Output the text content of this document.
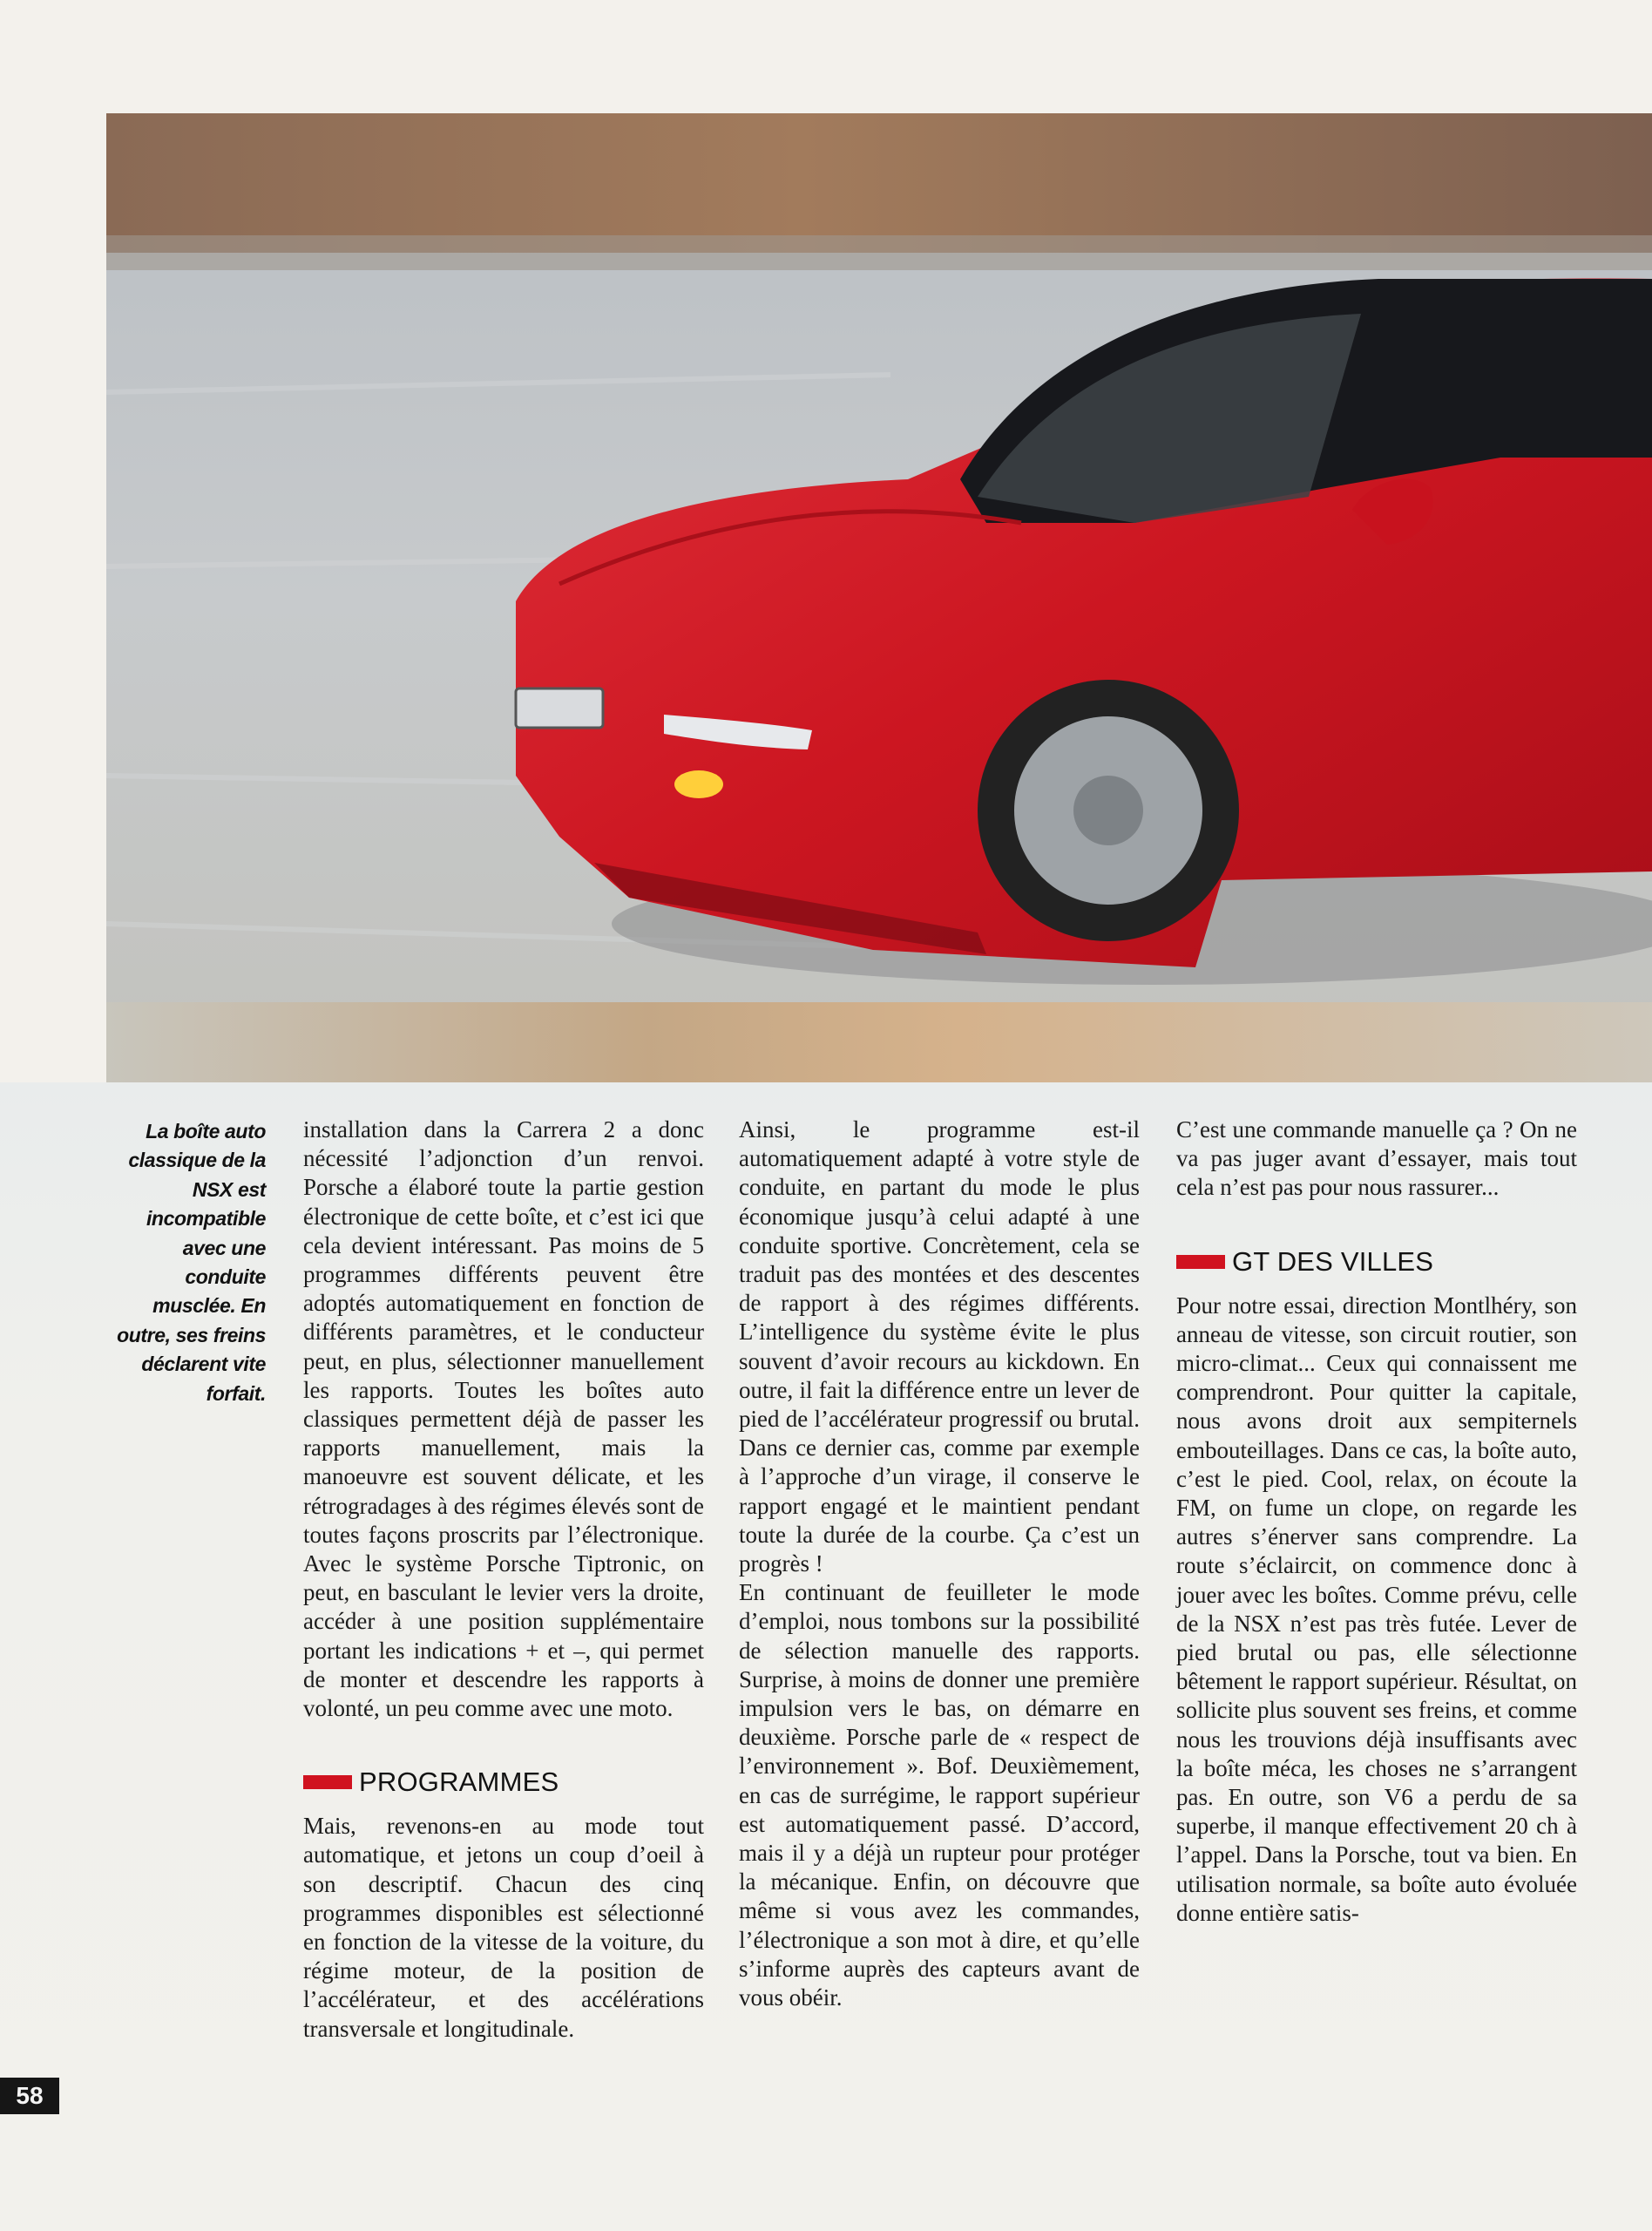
La boîte auto classique de la NSX est incompatible avec une conduite musclée. En outre, ses freins déclarent vite forfait.

installation dans la Carrera 2 a donc nécessité l’adjonction d’un renvoi. Porsche a élaboré toute la partie gestion électronique de cette boîte, et c’est ici que cela devient intéressant. Pas moins de 5 programmes différents peuvent être adoptés automatiquement en fonction de différents paramètres, et le conducteur peut, en plus, sélectionner manuellement les rapports. Toutes les boîtes auto classiques permettent déjà de passer les rapports manuellement, mais la manoeuvre est souvent délicate, et les rétrogradages à des régimes élevés sont de toutes façons proscrits par l’électronique. Avec le système Porsche Tiptronic, on peut, en basculant le levier vers la droite, accéder à une position supplémentaire portant les indications + et –, qui permet de monter et descendre les rapports à volonté, un peu comme avec une moto.

PROGRAMMES

Mais, revenons-en au mode tout automatique, et jetons un coup d’oeil à son descriptif. Chacun des cinq programmes disponibles est sélectionné en fonction de la vitesse de la voiture, du régime moteur, de la position de l’accélérateur, et des accélérations transversale et longitudinale.

Ainsi, le programme est-il automatiquement adapté à votre style de conduite, en partant du mode le plus économique jusqu’à celui adapté à une conduite sportive. Concrètement, cela se traduit pas des montées et des descentes de rapport à des régimes différents. L’intelligence du système évite le plus souvent d’avoir recours au kickdown. En outre, il fait la différence entre un lever de pied de l’accélérateur progressif ou brutal. Dans ce dernier cas, comme par exemple à l’approche d’un virage, il conserve le rapport engagé et le maintient pendant toute la durée de la courbe. Ça c’est un progrès !

En continuant de feuilleter le mode d’emploi, nous tombons sur la possibilité de sélection manuelle des rapports. Surprise, à moins de donner une première impulsion vers le bas, on démarre en deuxième. Porsche parle de « respect de l’environnement ». Bof. Deuxièmement, en cas de surrégime, le rapport supérieur est automatiquement passé. D’accord, mais il y a déjà un rupteur pour protéger la mécanique. Enfin, on découvre que même si vous avez les commandes, l’électronique a son mot à dire, et qu’elle s’informe auprès des capteurs avant de vous obéir.

C’est une commande manuelle ça ? On ne va pas juger avant d’essayer, mais tout cela n’est pas pour nous rassurer...

GT DES VILLES

Pour notre essai, direction Montlhéry, son anneau de vitesse, son circuit routier, son micro-climat... Ceux qui connaissent me comprendront. Pour quitter la capitale, nous avons droit aux sempiternels embouteillages. Dans ce cas, la boîte auto, c’est le pied. Cool, relax, on écoute la FM, on fume un clope, on regarde les autres s’énerver sans comprendre. La route s’éclaircit, on commence donc à jouer avec les boîtes. Comme prévu, celle de la NSX n’est pas très futée. Lever de pied brutal ou pas, elle sélectionne bêtement le rapport supérieur. Résultat, on sollicite plus souvent ses freins, et comme nous les trouvions déjà insuffisants avec la boîte méca, les choses ne s’arrangent pas. En outre, son V6 a perdu de sa superbe, il manque effectivement 20 ch à l’appel. Dans la Porsche, tout va bien. En utilisation normale, sa boîte auto évoluée donne entière satis-

58
